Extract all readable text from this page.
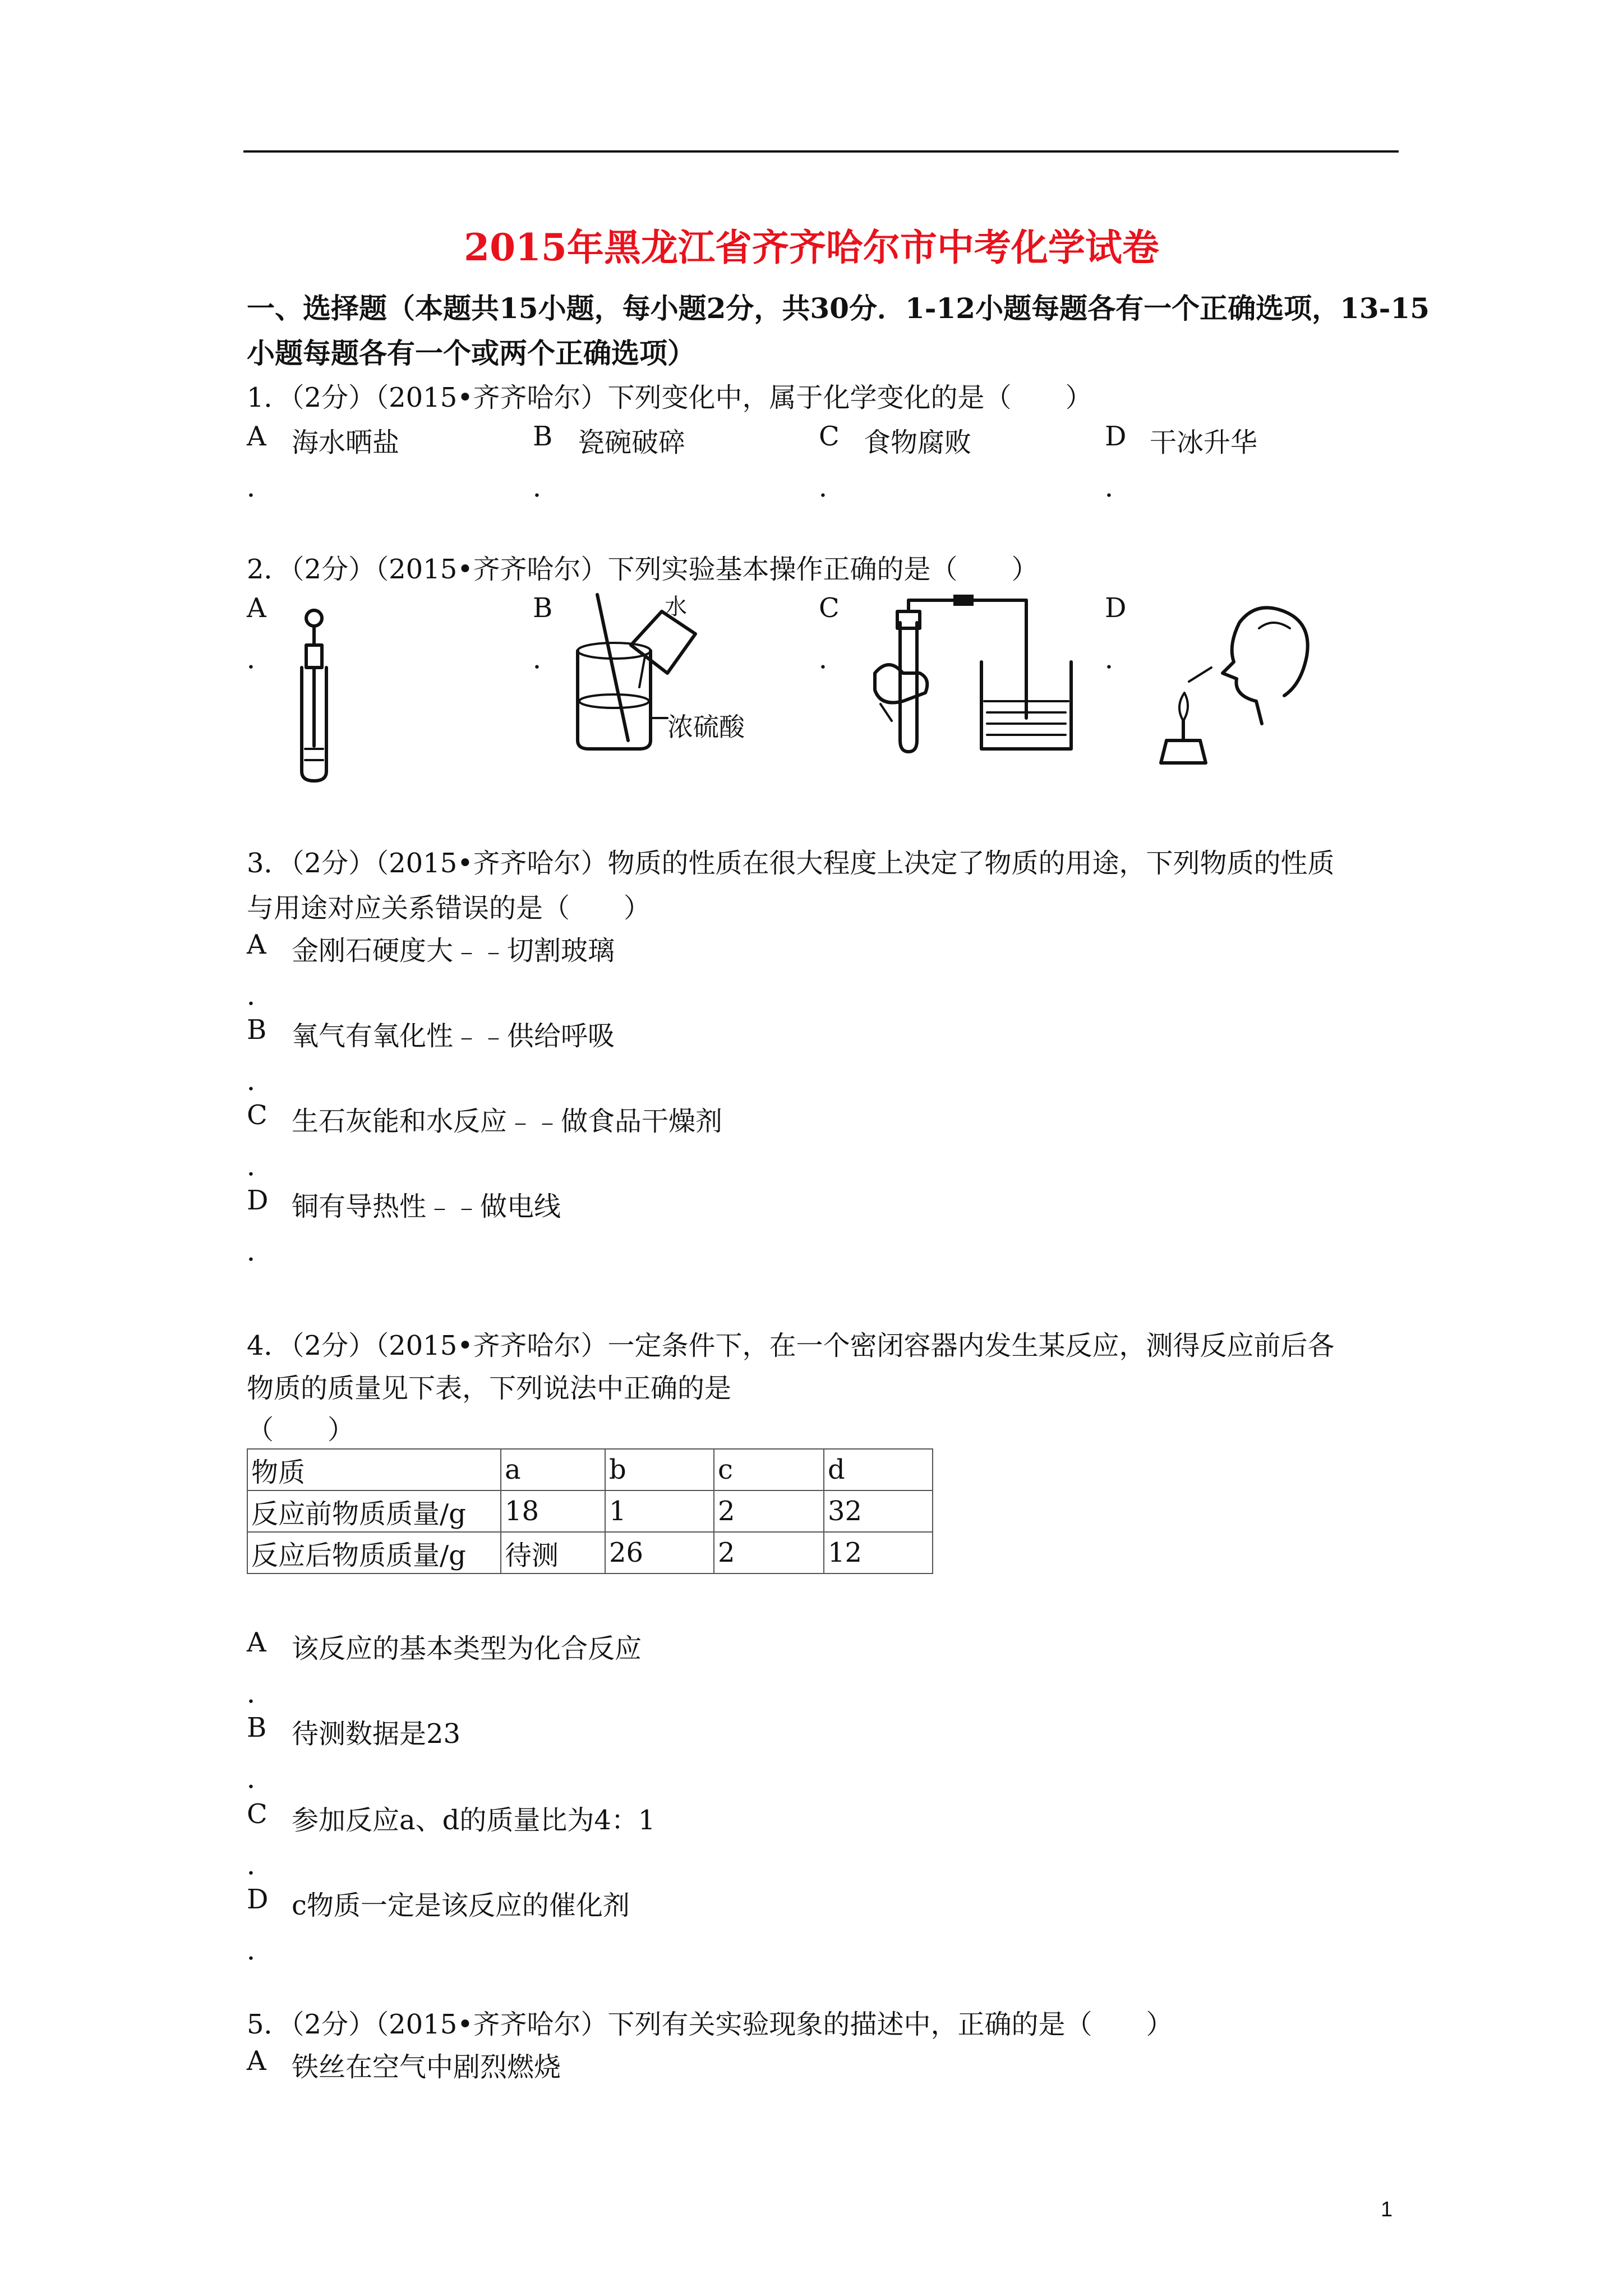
2015年黑龙江省齐齐哈尔市中考化学试卷
一、选择题（本题共15小题，每小题2分，共30分．1-12小题每题各有一个正确选项，13-15
小题每题各有一个或两个正确选项）
1．（2分）（2015•齐齐哈尔）下列变化中，属于化学变化的是（　　）
A 海水晒盐	B 瓷碗破碎	C 食物腐败	D 干冰升华
．	．	．	．
2．（2分）（2015•齐齐哈尔）下列实验基本操作正确的是（　　）
A	B	C	D
．	．	．	．
水
浓硫酸
3．（2分）（2015•齐齐哈尔）物质的性质在很大程度上决定了物质的用途，下列物质的性质
与用途对应关系错误的是（　　）
A 金刚石硬度大﹣﹣切割玻璃
．
B 氧气有氧化性﹣﹣供给呼吸
．
C 生石灰能和水反应﹣﹣做食品干燥剂
．
D 铜有导热性﹣﹣做电线
．
4．（2分）（2015•齐齐哈尔）一定条件下，在一个密闭容器内发生某反应，测得反应前后各
物质的质量见下表，下列说法中正确的是
（　　）
物质	a	b	c	d
反应前物质质量/g	18	1	2	32
反应后物质质量/g	待测	26	2	12
A 该反应的基本类型为化合反应
．
B 待测数据是23
．
C 参加反应a、d的质量比为4：1
．
D c物质一定是该反应的催化剂
．
5．（2分）（2015•齐齐哈尔）下列有关实验现象的描述中，正确的是（　　）
A 铁丝在空气中剧烈燃烧
1
